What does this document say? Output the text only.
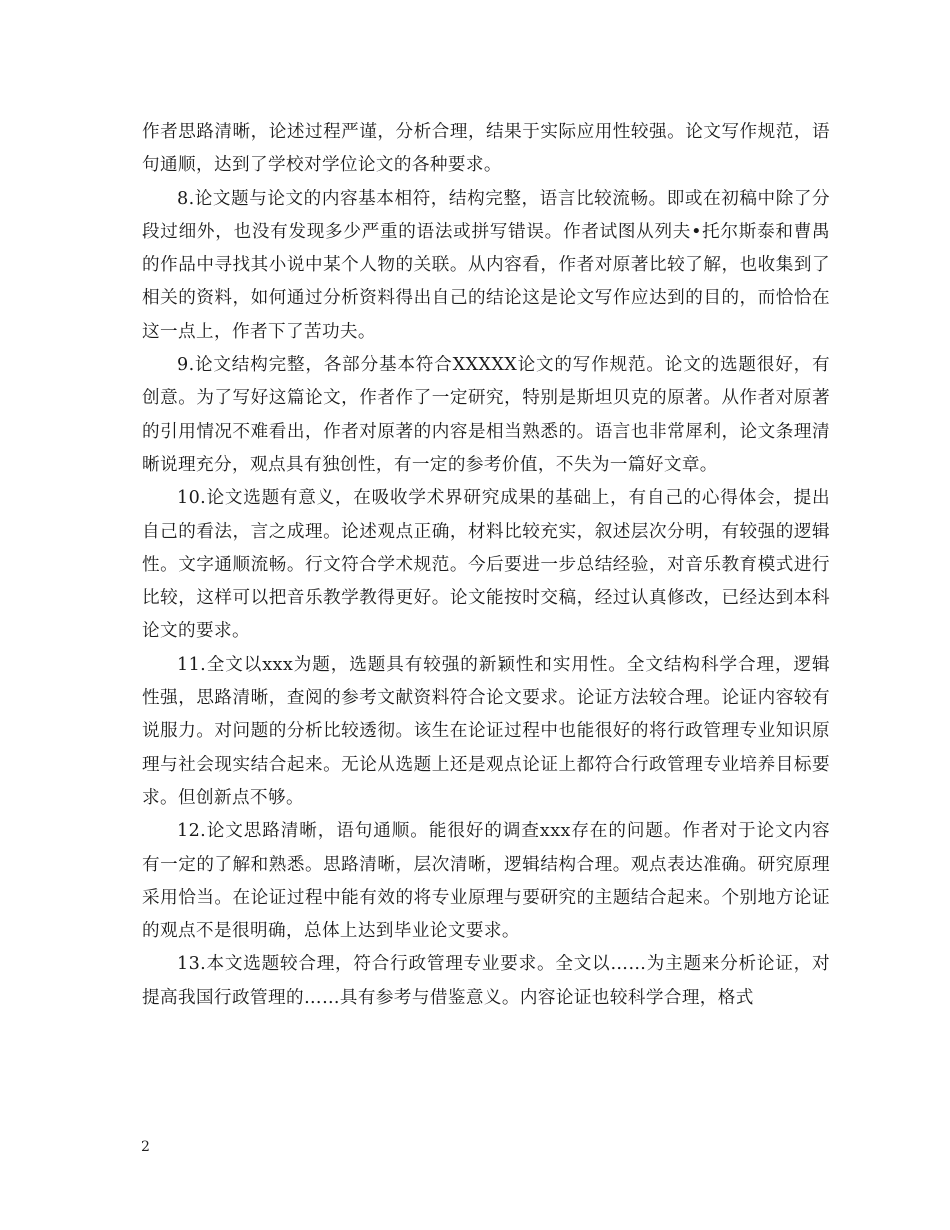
作者思路清晰，论述过程严谨，分析合理，结果于实际应用性较强。论文写作规范，语句通顺，达到了学校对学位论文的各种要求。

8.论文题与论文的内容基本相符，结构完整，语言比较流畅。即或在初稿中除了分段过细外，也没有发现多少严重的语法或拼写错误。作者试图从列夫•托尔斯泰和曹禺的作品中寻找其小说中某个人物的关联。从内容看，作者对原著比较了解，也收集到了相关的资料，如何通过分析资料得出自己的结论这是论文写作应达到的目的，而恰恰在这一点上，作者下了苦功夫。

9.论文结构完整，各部分基本符合XXXXX论文的写作规范。论文的选题很好，有创意。为了写好这篇论文，作者作了一定研究，特别是斯坦贝克的原著。从作者对原著的引用情况不难看出，作者对原著的内容是相当熟悉的。语言也非常犀利，论文条理清晰说理充分，观点具有独创性，有一定的参考价值，不失为一篇好文章。

10.论文选题有意义，在吸收学术界研究成果的基础上，有自己的心得体会，提出自己的看法，言之成理。论述观点正确，材料比较充实，叙述层次分明，有较强的逻辑性。文字通顺流畅。行文符合学术规范。今后要进一步总结经验，对音乐教育模式进行比较，这样可以把音乐教学教得更好。论文能按时交稿，经过认真修改，已经达到本科论文的要求。

11.全文以xxx为题，选题具有较强的新颖性和实用性。全文结构科学合理，逻辑性强，思路清晰，查阅的参考文献资料符合论文要求。论证方法较合理。论证内容较有说服力。对问题的分析比较透彻。该生在论证过程中也能很好的将行政管理专业知识原理与社会现实结合起来。无论从选题上还是观点论证上都符合行政管理专业培养目标要求。但创新点不够。

12.论文思路清晰，语句通顺。能很好的调查xxx存在的问题。作者对于论文内容有一定的了解和熟悉。思路清晰，层次清晰，逻辑结构合理。观点表达准确。研究原理采用恰当。在论证过程中能有效的将专业原理与要研究的主题结合起来。个别地方论证的观点不是很明确，总体上达到毕业论文要求。

13.本文选题较合理，符合行政管理专业要求。全文以……为主题来分析论证，对提高我国行政管理的……具有参考与借鉴意义。内容论证也较科学合理，格式

2
